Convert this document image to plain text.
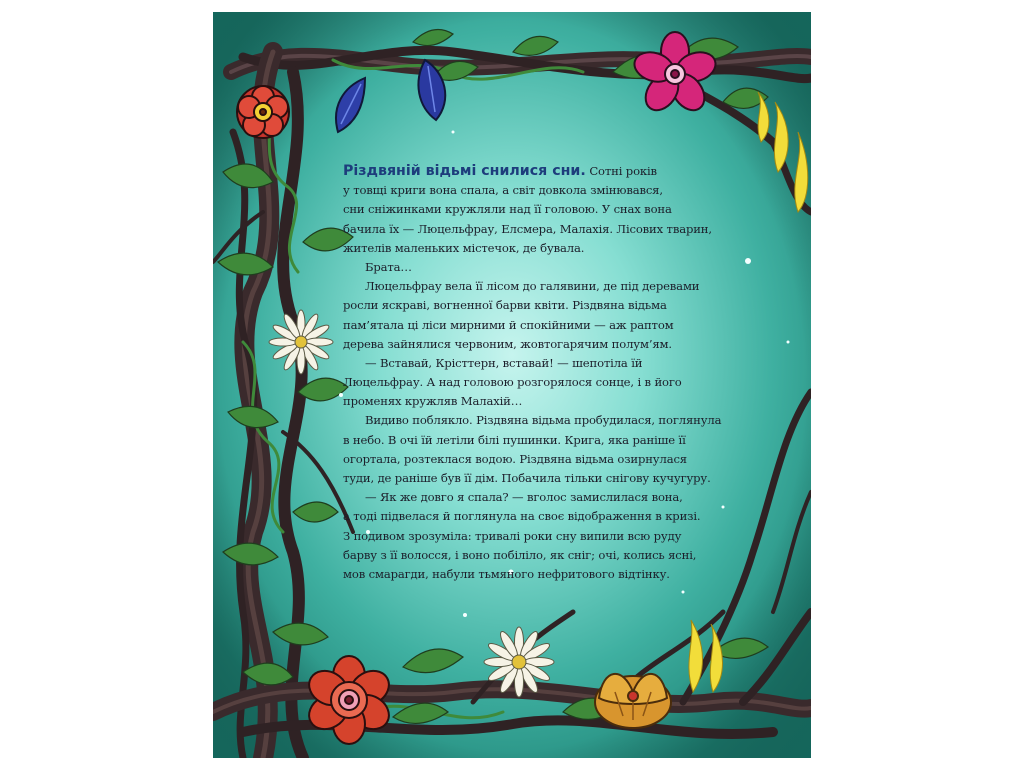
Різдвяній відьмі снилися сни. Сотні років
у товщі криги вона спала, а світ довкола змінювався,
сни сніжинками кружляли над її головою. У снах вона
бачила їх — Люцельфрау, Елсмера, Малахія. Лісових тварин,
жителів маленьких містечок, де бувала.
Брата…
Люцельфрау вела її лісом до галявини, де під деревами
росли яскраві, вогненної барви квіти. Різдвяна відьма
пам’ятала ці ліси мирними й спокійними — аж раптом
дерева зайнялися червоним, жовтогарячим полум’ям.
— Вставай, Крісттерн, вставай! — шепотіла їй
Люцельфрау. А над головою розгорялося сонце, і в його
променях кружляв Малахій…
Видиво поблякло. Різдвяна відьма пробудилася, поглянула
в небо. В очі їй летіли білі пушинки. Крига, яка раніше її
огортала, розтеклася водою. Різдвяна відьма озирнулася
туди, де раніше був її дім. Побачила тільки снігову кучугуру.
— Як же довго я спала? — вголос замислилася вона,
а тоді підвелася й поглянула на своє відображення в кризі.
З подивом зрозуміла: тривалі роки сну випили всю руду
барву з її волосся, і воно побіліло, як сніг; очі, колись ясні,
мов смарагди, набули тьмяного нефритового відтінку.
